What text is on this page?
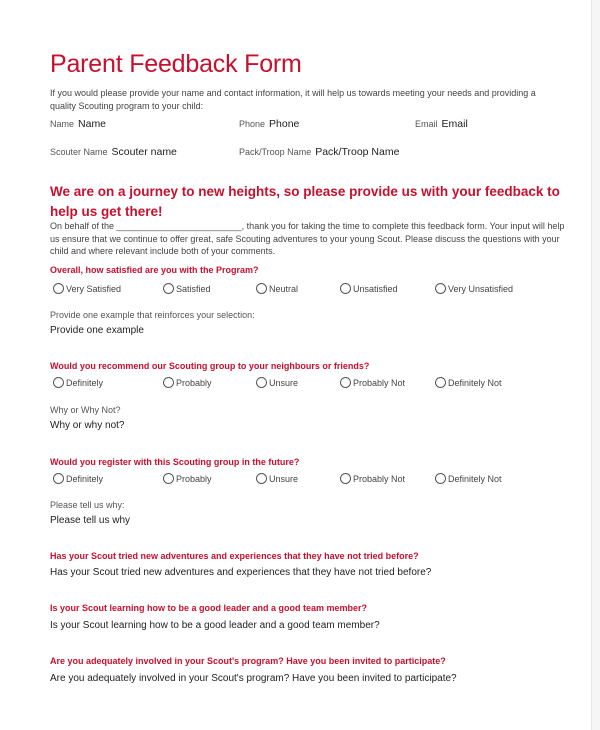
Parent Feedback Form
If you would please provide your name and contact information, it will help us towards meeting your needs and providing a quality Scouting program to your child:
Name Name	Phone Phone	Email Email
Scouter Name Scouter name	Pack/Troop Name Pack/Troop Name
We are on a journey to new heights, so please provide us with your feedback to help us get there!
On behalf of the _________________________, thank you for taking the time to complete this feedback form. Your input will help us ensure that we continue to offer great, safe Scouting adventures to your young Scout. Please discuss the questions with your child and where relevant include both of your comments.
Overall, how satisfied are you with the Program?
Very Satisfied	Satisfied	Neutral	Unsatisfied	Very Unsatisfied
Provide one example that reinforces your selection:
Provide one example
Would you recommend our Scouting group to your neighbours or friends?
Definitely	Probably	Unsure	Probably Not	Definitely Not
Why or Why Not?
Why or why not?
Would you register with this Scouting group in the future?
Definitely	Probably	Unsure	Probably Not	Definitely Not
Please tell us why:
Please tell us why
Has your Scout tried new adventures and experiences that they have not tried before?
Has your Scout tried new adventures and experiences that they have not tried before?
Is your Scout learning how to be a good leader and a good team member?
Is your Scout learning how to be a good leader and a good team member?
Are you adequately involved in your Scout's program? Have you been invited to participate?
Are you adequately involved in your Scout's program? Have you been invited to participate?
